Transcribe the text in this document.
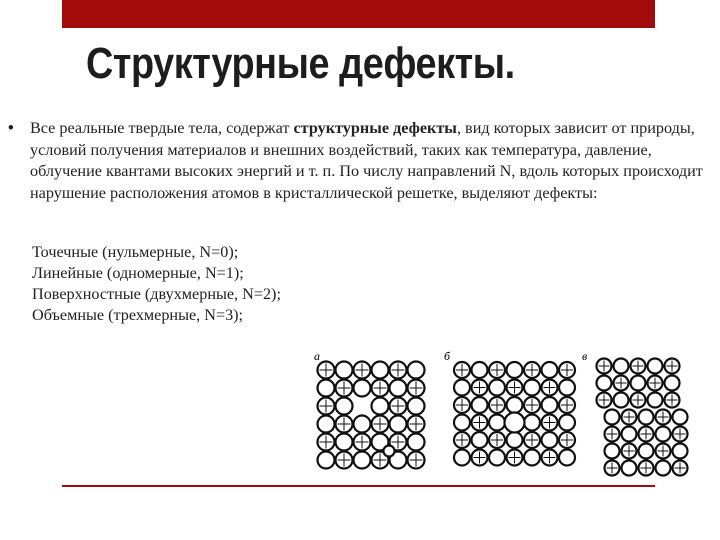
Структурные дефекты.
• Все реальные твердые тела, содержат структурные дефекты, вид которых зависит от природы, условий получения материалов и внешних воздействий, таких как температура, давление, облучение квантами высоких энергий и т. п. По числу направлений N, вдоль которых происходит нарушение расположения атомов в кристаллической решетке, выделяют дефекты:
Точечные (нульмерные, N=0);
Линейные (одномерные, N=1);
Поверхностные (двухмерные, N=2);
Объемные (трехмерные, N=3);
а	б	в
